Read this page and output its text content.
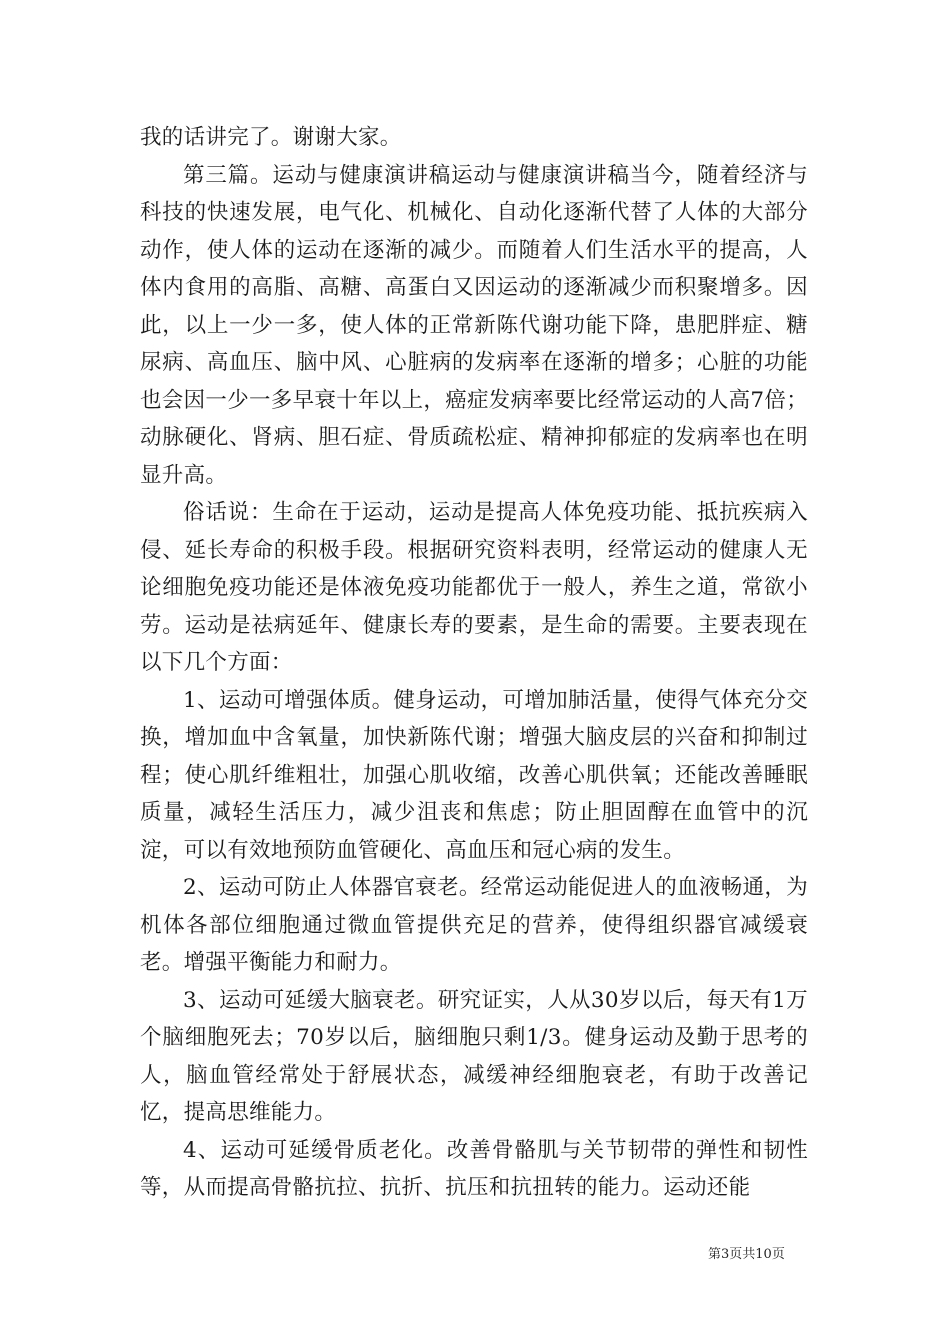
我的话讲完了。谢谢大家。

第三篇。运动与健康演讲稿运动与健康演讲稿当今，随着经济与科技的快速发展，电气化、机械化、自动化逐渐代替了人体的大部分动作，使人体的运动在逐渐的减少。而随着人们生活水平的提高，人体内食用的高脂、高糖、高蛋白又因运动的逐渐减少而积聚增多。因此，以上一少一多，使人体的正常新陈代谢功能下降，患肥胖症、糖尿病、高血压、脑中风、心脏病的发病率在逐渐的增多；心脏的功能也会因一少一多早衰十年以上，癌症发病率要比经常运动的人高7倍；动脉硬化、肾病、胆石症、骨质疏松症、精神抑郁症的发病率也在明显升高。

俗话说：生命在于运动，运动是提高人体免疫功能、抵抗疾病入侵、延长寿命的积极手段。根据研究资料表明，经常运动的健康人无论细胞免疫功能还是体液免疫功能都优于一般人，养生之道，常欲小劳。运动是祛病延年、健康长寿的要素，是生命的需要。主要表现在以下几个方面：

1、运动可增强体质。健身运动，可增加肺活量，使得气体充分交换，增加血中含氧量，加快新陈代谢；增强大脑皮层的兴奋和抑制过程；使心肌纤维粗壮，加强心肌收缩，改善心肌供氧；还能改善睡眠质量，减轻生活压力，减少沮丧和焦虑；防止胆固醇在血管中的沉淀，可以有效地预防血管硬化、高血压和冠心病的发生。

2、运动可防止人体器官衰老。经常运动能促进人的血液畅通，为机体各部位细胞通过微血管提供充足的营养，使得组织器官减缓衰老。增强平衡能力和耐力。

3、运动可延缓大脑衰老。研究证实，人从30岁以后，每天有1万个脑细胞死去；70岁以后，脑细胞只剩1/3。健身运动及勤于思考的人，脑血管经常处于舒展状态，减缓神经细胞衰老，有助于改善记忆，提高思维能力。

4、运动可延缓骨质老化。改善骨骼肌与关节韧带的弹性和韧性等，从而提高骨骼抗拉、抗折、抗压和抗扭转的能力。运动还能

第3页共10页
